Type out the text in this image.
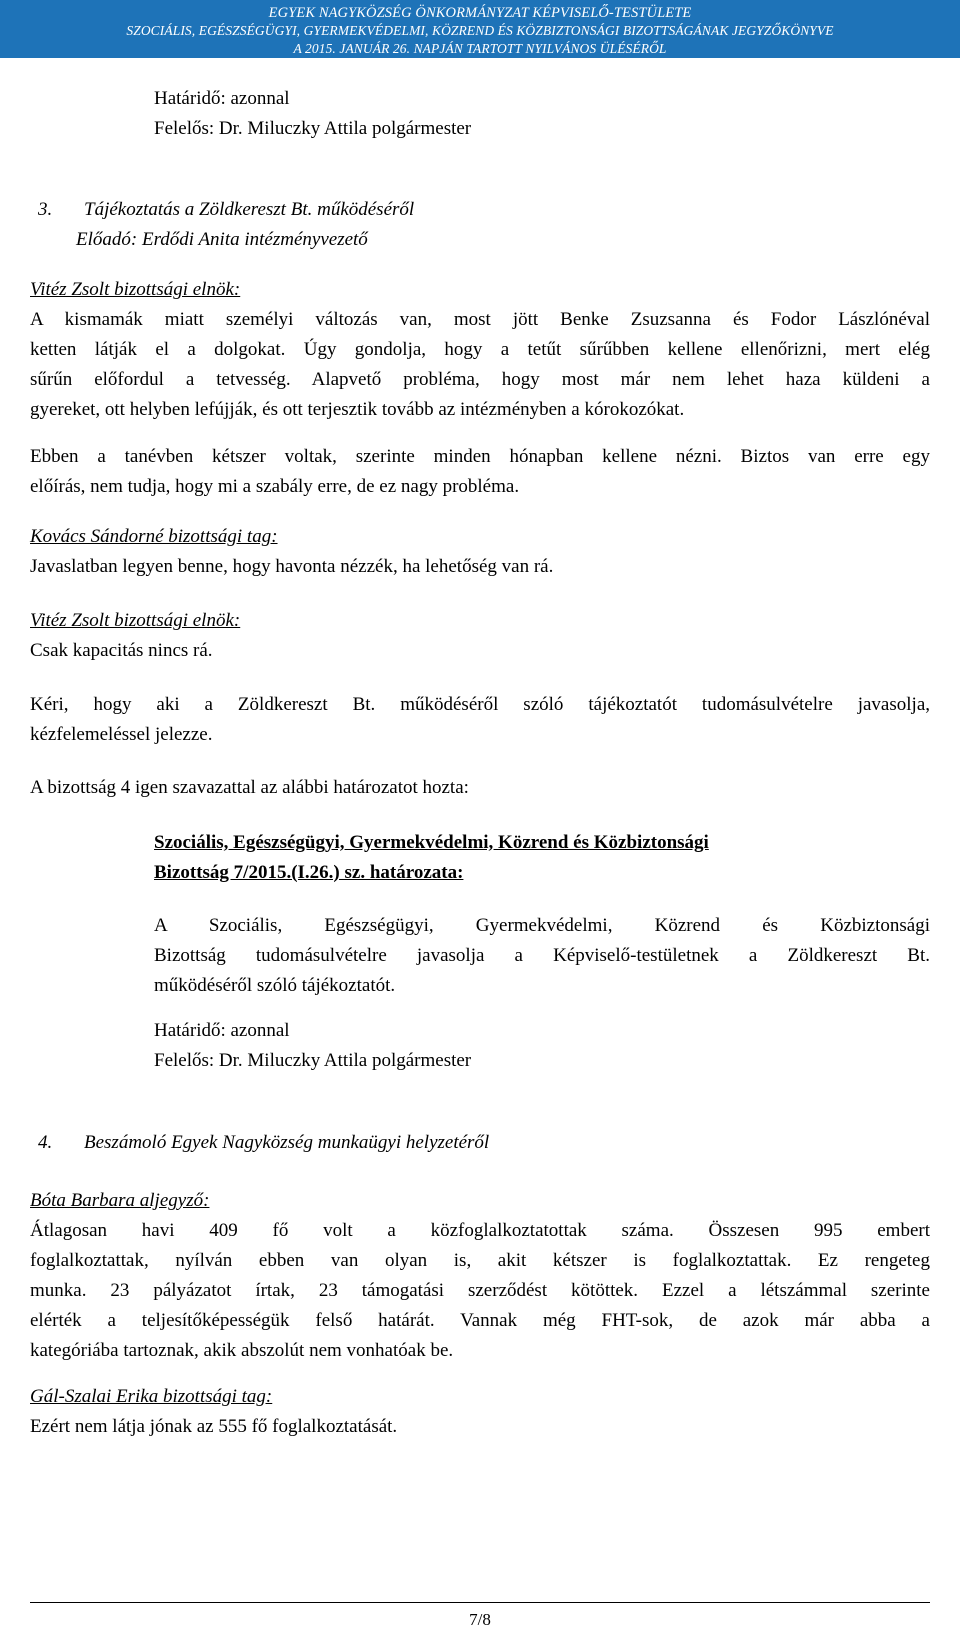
EGYEK NAGYKÖZSÉG ÖNKORMÁNYZAT KÉPVISELŐ-TESTÜLETE
SZOCIÁLIS, EGÉSZSÉGÜGYI, GYERMEKVÉDELMI, KÖZREND ÉS KÖZBIZTONSÁGI BIZOTTSÁGÁNAK JEGYZŐKÖNYVE
A 2015. JANUÁR 26. NAPJÁN TARTOTT NYILVÁNOS ÜLÉSÉRŐL
Határidő: azonnal
Felelős: Dr. Miluczky Attila polgármester
3. Tájékoztatás a Zöldkereszt Bt. működéséről
Előadó: Erdődi Anita intézményvezető
Vitéz Zsolt bizottsági elnök:
A kismamák miatt személyi változás van, most jött Benke Zsuzsanna és Fodor Lászlónéval
ketten látják el a dolgokat. Úgy gondolja, hogy a tetűt sűrűbben kellene ellenőrizni, mert elég
sűrűn előfordul a tetvesség. Alapvető probléma, hogy most már nem lehet haza küldeni a
gyereket, ott helyben lefújják, és ott terjesztik tovább az intézményben a kórokozókat.
Ebben a tanévben kétszer voltak, szerinte minden hónapban kellene nézni. Biztos van erre egy
előírás, nem tudja, hogy mi a szabály erre, de ez nagy probléma.
Kovács Sándorné bizottsági tag:
Javaslatban legyen benne, hogy havonta nézzék, ha lehetőség van rá.
Vitéz Zsolt bizottsági elnök:
Csak kapacitás nincs rá.
Kéri, hogy aki a Zöldkereszt Bt. működéséről szóló tájékoztatót tudomásulvételre javasolja,
kézfelemeléssel jelezze.
A bizottság 4 igen szavazattal az alábbi határozatot hozta:
Szociális, Egészségügyi, Gyermekvédelmi, Közrend és Közbiztonsági
Bizottság 7/2015.(I.26.) sz. határozata:
A Szociális, Egészségügyi, Gyermekvédelmi, Közrend és Közbiztonsági
Bizottság tudomásulvételre javasolja a Képviselő-testületnek a Zöldkereszt Bt.
működéséről szóló tájékoztatót.
Határidő: azonnal
Felelős: Dr. Miluczky Attila polgármester
4. Beszámoló Egyek Nagyközség munkaügyi helyzetéről
Bóta Barbara aljegyző:
Átlagosan havi 409 fő volt a közfoglalkoztatottak száma. Összesen 995 embert
foglalkoztattak, nyílván ebben van olyan is, akit kétszer is foglalkoztattak. Ez rengeteg
munka. 23 pályázatot írtak, 23 támogatási szerződést kötöttek. Ezzel a létszámmal szerinte
elérték a teljesítőképességük felső határát. Vannak még FHT-sok, de azok már abba a
kategóriába tartoznak, akik abszolút nem vonhatóak be.
Gál-Szalai Erika bizottsági tag:
Ezért nem látja jónak az 555 fő foglalkoztatását.
7/8
